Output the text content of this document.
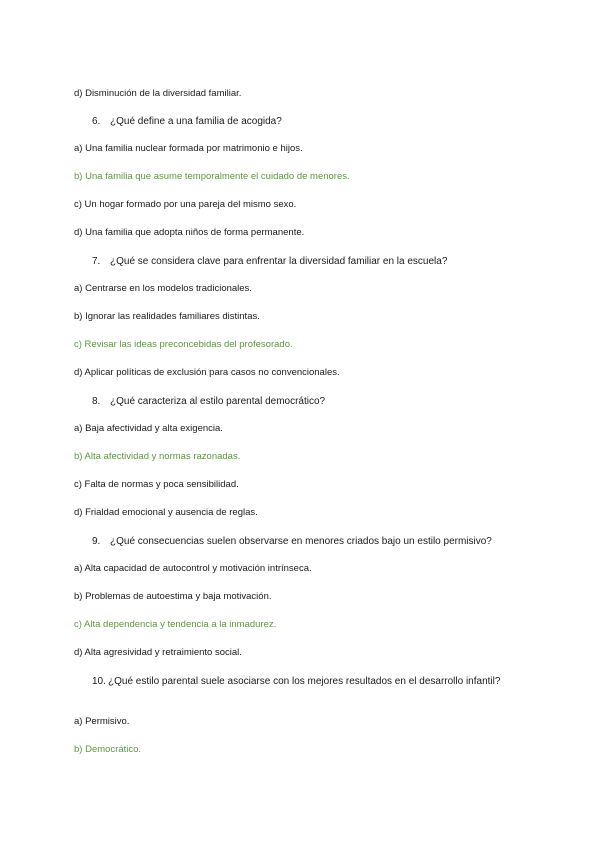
d) Disminución de la diversidad familiar.
6. ¿Qué define a una familia de acogida?
a) Una familia nuclear formada por matrimonio e hijos.
b) Una familia que asume temporalmente el cuidado de menores.
c) Un hogar formado por una pareja del mismo sexo.
d) Una familia que adopta niños de forma permanente.
7. ¿Qué se considera clave para enfrentar la diversidad familiar en la escuela?
a) Centrarse en los modelos tradicionales.
b) Ignorar las realidades familiares distintas.
c) Revisar las ideas preconcebidas del profesorado.
d) Aplicar políticas de exclusión para casos no convencionales.
8. ¿Qué caracteriza al estilo parental democrático?
a) Baja afectividad y alta exigencia.
b) Alta afectividad y normas razonadas.
c) Falta de normas y poca sensibilidad.
d) Frialdad emocional y ausencia de reglas.
9. ¿Qué consecuencias suelen observarse en menores criados bajo un estilo permisivo?
a) Alta capacidad de autocontrol y motivación intrínseca.
b) Problemas de autoestima y baja motivación.
c) Alta dependencia y tendencia a la inmadurez.
d) Alta agresividad y retraimiento social.
10. ¿Qué estilo parental suele asociarse con los mejores resultados en el desarrollo infantil?
a) Permisivo.
b) Democrático.
